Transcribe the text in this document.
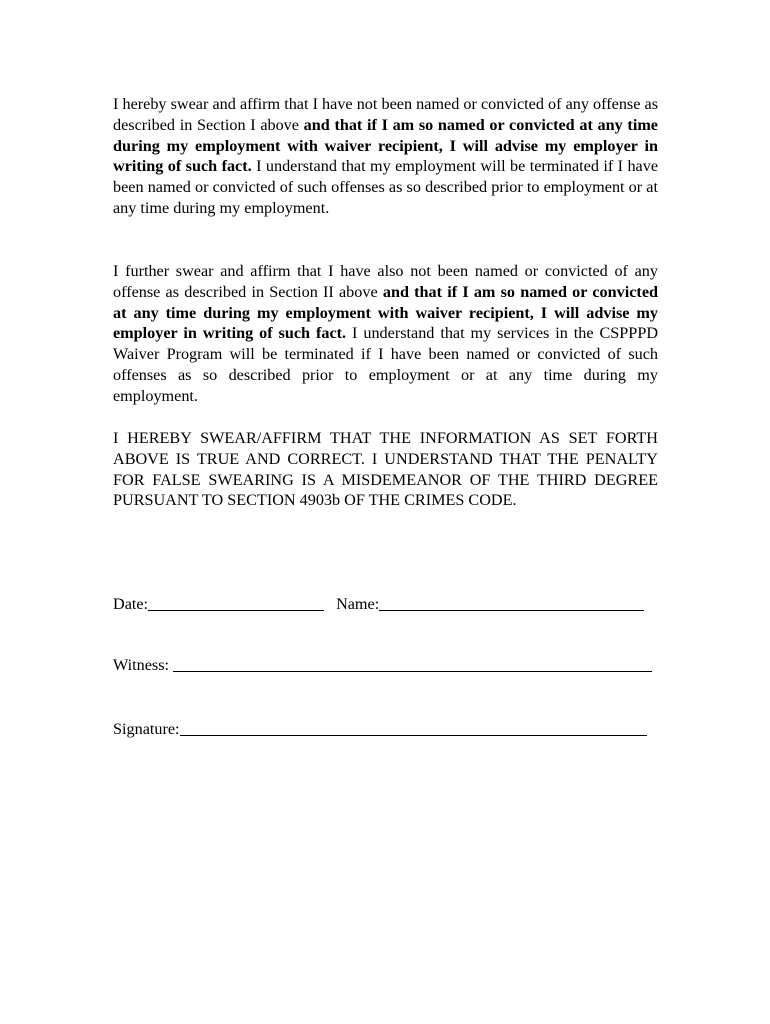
I hereby swear and affirm that I have not been named or convicted of any offense as described in Section I above and that if I am so named or convicted at any time during my employment with waiver recipient, I will advise my employer in writing of such fact. I understand that my employment will be terminated if I have been named or convicted of such offenses as so described prior to employment or at any time during my employment.

I further swear and affirm that I have also not been named or convicted of any offense as described in Section II above and that if I am so named or convicted at any time during my employment with waiver recipient, I will advise my employer in writing of such fact. I understand that my services in the CSPPPD Waiver Program will be terminated if I have been named or convicted of such offenses as so described prior to employment or at any time during my employment.

I HEREBY SWEAR/AFFIRM THAT THE INFORMATION AS SET FORTH ABOVE IS TRUE AND CORRECT. I UNDERSTAND THAT THE PENALTY FOR FALSE SWEARING IS A MISDEMEANOR OF THE THIRD DEGREE PURSUANT TO SECTION 4903b OF THE CRIMES CODE.

Date:	Name:
Witness:
Signature:
